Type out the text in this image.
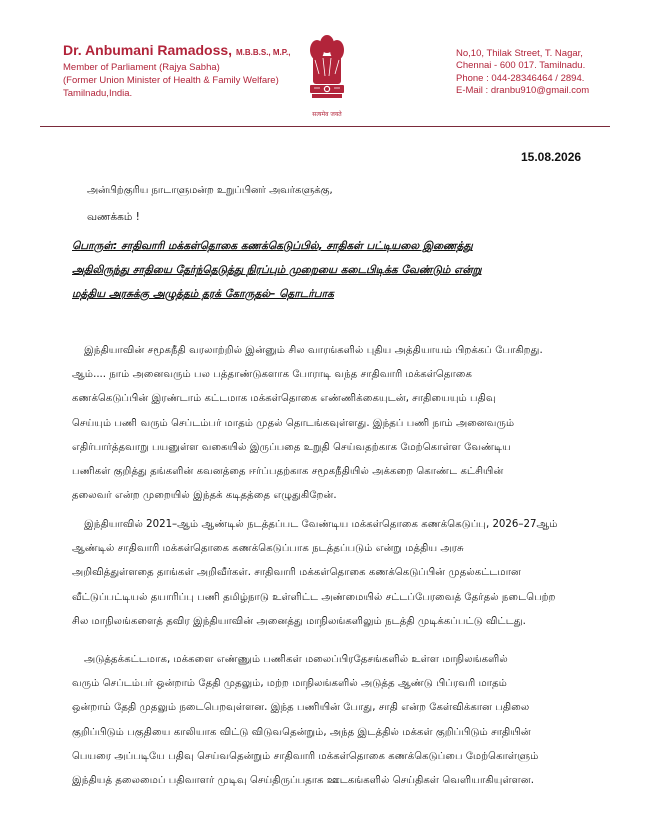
Dr. Anbumani Ramadoss, M.B.B.S., M.P.,
Member of Parliament (Rajya Sabha)
(Former Union Minister of Health & Family Welfare)
Tamilnadu,India.
सत्यमेव जयते
No,10, Thilak Street, T. Nagar,
Chennai - 600 017. Tamilnadu.
Phone : 044-28346464 / 2894.
E-Mail : dranbu910@gmail.com
15.08.2026
அன்பிற்குரிய நாடாளுமன்ற உறுப்பினர் அவர்களுக்கு,
வணக்கம் !
பொருள்: சாதிவாரி மக்கள்தொகை கணக்கெடுப்பில், சாதிகள் பட்டியலை இணைத்து
அதிலிருந்து சாதியை தேர்ந்தெடுத்து நிரப்பும் முறையை கடைபிடிக்க வேண்டும் என்று
மத்திய அரசுக்கு அழுத்தம் தரக் கோருதல்– தொடர்பாக
இந்தியாவின் சமூகநீதி வரலாற்றில் இன்னும் சில வாரங்களில் புதிய அத்தியாயம் பிறக்கப் போகிறது.
ஆம்.... நாம் அனைவரும் பல பத்தாண்டுகளாக போராடி வந்த சாதிவாரி மக்கள்தொகை
கணக்கெடுப்பின் இரண்டாம் கட்டமாக மக்கள்தொகை எண்ணிக்கையுடன், சாதியையும் பதிவு
செய்யும் பணி வரும் செப்டம்பர் மாதம் முதல் தொடங்கவுள்ளது. இந்தப் பணி நாம் அனைவரும்
எதிர்பார்த்தவாறு பயனுள்ள வகையில் இருப்பதை உறுதி செய்வதற்காக மேற்கொள்ள வேண்டிய
பணிகள் குறித்து தங்களின் கவனத்தை ஈர்ப்பதற்காக சமூகநீதியில் அக்கறை கொண்ட கட்சியின்
தலைவர் என்ற முறையில் இந்தக் கடிதத்தை எழுதுகிறேன்.
இந்தியாவில் 2021–ஆம் ஆண்டில் நடத்தப்பட வேண்டிய மக்கள்தொகை கணக்கெடுப்பு, 2026–27ஆம்
ஆண்டில் சாதிவாரி மக்கள்தொகை கணக்கெடுப்பாக நடத்தப்படும் என்று மத்திய அரசு
அறிவித்துள்ளதை தாங்கள் அறிவீர்கள். சாதிவாரி மக்கள்தொகை கணக்கெடுப்பின் முதல்கட்டமான
வீட்டுப்பட்டியல் தயாரிப்பு பணி தமிழ்நாடு உள்ளிட்ட அண்மையில் சட்டப்பேரவைத் தேர்தல் நடைபெற்ற
சில மாநிலங்களைத் தவிர இந்தியாவின் அனைத்து மாநிலங்களிலும் நடத்தி முடிக்கப்பட்டு விட்டது.
அடுத்தக்கட்டமாக, மக்களை எண்ணும் பணிகள் மலைப்பிரதேசங்களில் உள்ள மாநிலங்களில்
வரும் செப்டம்பர் ஒன்றாம் தேதி முதலும், மற்ற மாநிலங்களில் அடுத்த ஆண்டு பிப்ரவரி மாதம்
ஒன்றாம் தேதி முதலும் நடைபெறவுள்ளன. இந்த பணியின் போது, சாதி என்ற கேள்விக்கான பதிலை
குறிப்பிடும் பகுதியை காலியாக விட்டு விடுவதென்றும், அந்த இடத்தில் மக்கள் குறிப்பிடும் சாதியின்
பெயரை அப்படியே பதிவு செய்வதென்றும் சாதிவாரி மக்கள்தொகை கணக்கெடுப்பை மேற்கொள்ளும்
இந்தியத் தலைமைப் பதிவாளர் முடிவு செய்திருப்பதாக ஊடகங்களில் செய்திகள் வெளியாகியுள்ளன.
